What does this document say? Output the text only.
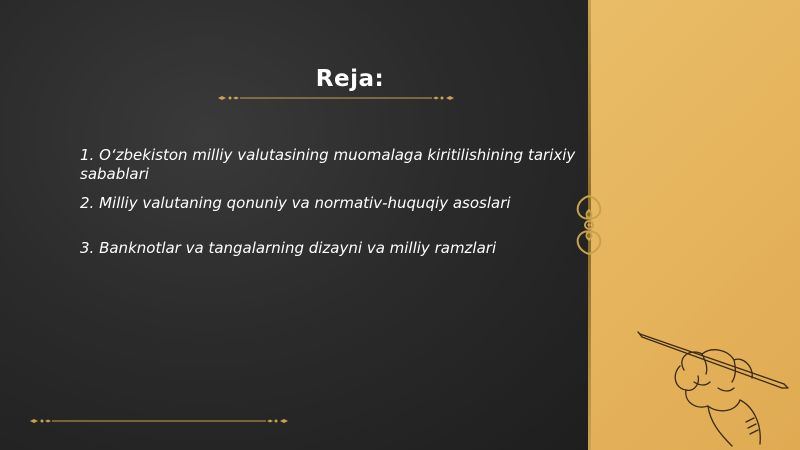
Reja:
1. O‘zbekiston milliy valutasining muomalaga kiritilishining tarixiy sabablari
2. Milliy valutaning qonuniy va normativ-huquqiy asoslari
3. Banknotlar va tangalarning dizayni va milliy ramzlari
